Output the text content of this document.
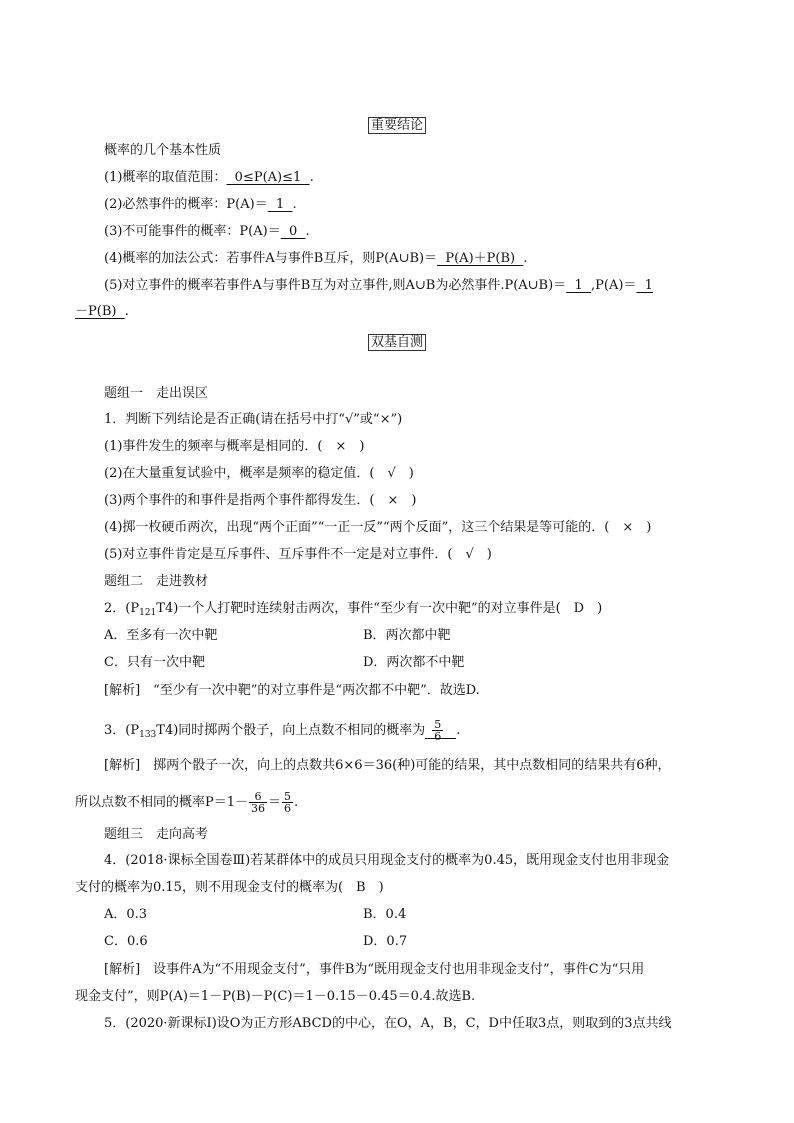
重要结论
概率的几个基本性质
(1)概率的取值范围：  0≤P(A)≤1  .
(2)必然事件的概率：P(A)＝  1  .
(3)不可能事件的概率：P(A)＝  0  .
(4)概率的加法公式：若事件A与事件B互斥，则P(A∪B)＝  P(A)＋P(B)  .
(5)对立事件的概率若事件A与事件B互为对立事件,则A∪B为必然事件.P(A∪B)＝  1  ,P(A)＝  1
－P(B)  .
双基自测
题组一　走出误区
1．判断下列结论是否正确(请在括号中打“√”或“×”)
(1)事件发生的频率与概率是相同的．(　×　)
(2)在大量重复试验中，概率是频率的稳定值．(　√　)
(3)两个事件的和事件是指两个事件都得发生．(　×　)
(4)掷一枚硬币两次，出现“两个正面”“一正一反”“两个反面”，这三个结果是等可能的．(　×　)
(5)对立事件肯定是互斥事件、互斥事件不一定是对立事件．(　√　)
题组二　走进教材
2．$(P_{121}T4)$一个人打靶时连续射击两次，事件“至少有一次中靶”的对立事件是(　D　)
A．至多有一次中靶	B．两次都中靶
C．只有一次中靶	D．两次都不中靶
[解析]　“至少有一次中靶”的对立事件是“两次都不中靶”．故选D.
3．$(P_{133}T4)$同时掷两个骰子，向上点数不相同的概率为 $\frac{5}{6}$ .
[解析]　掷两个骰子一次，向上的点数共6×6＝36(种)可能的结果，其中点数相同的结果共有6种，
所以点数不相同的概率$P=1- \frac{6}{36} = \frac{5}{6}$ .
题组三　走向高考
4．(2018·课标全国卷Ⅲ)若某群体中的成员只用现金支付的概率为0.45，既用现金支付也用非现金
支付的概率为0.15，则不用现金支付的概率为(　B　)
A．0.3	B．0.4
C．0.6	D．0.7
[解析]　设事件A为“不用现金支付”，事件B为“既用现金支付也用非现金支付”，事件C为“只用
现金支付”，则P(A)＝1－P(B)－P(C)＝1－0.15－0.45＝0.4.故选B.
5．(2020·新课标Ⅰ)设O为正方形ABCD的中心，在O，A，B，C，D中任取3点，则取到的3点共线
